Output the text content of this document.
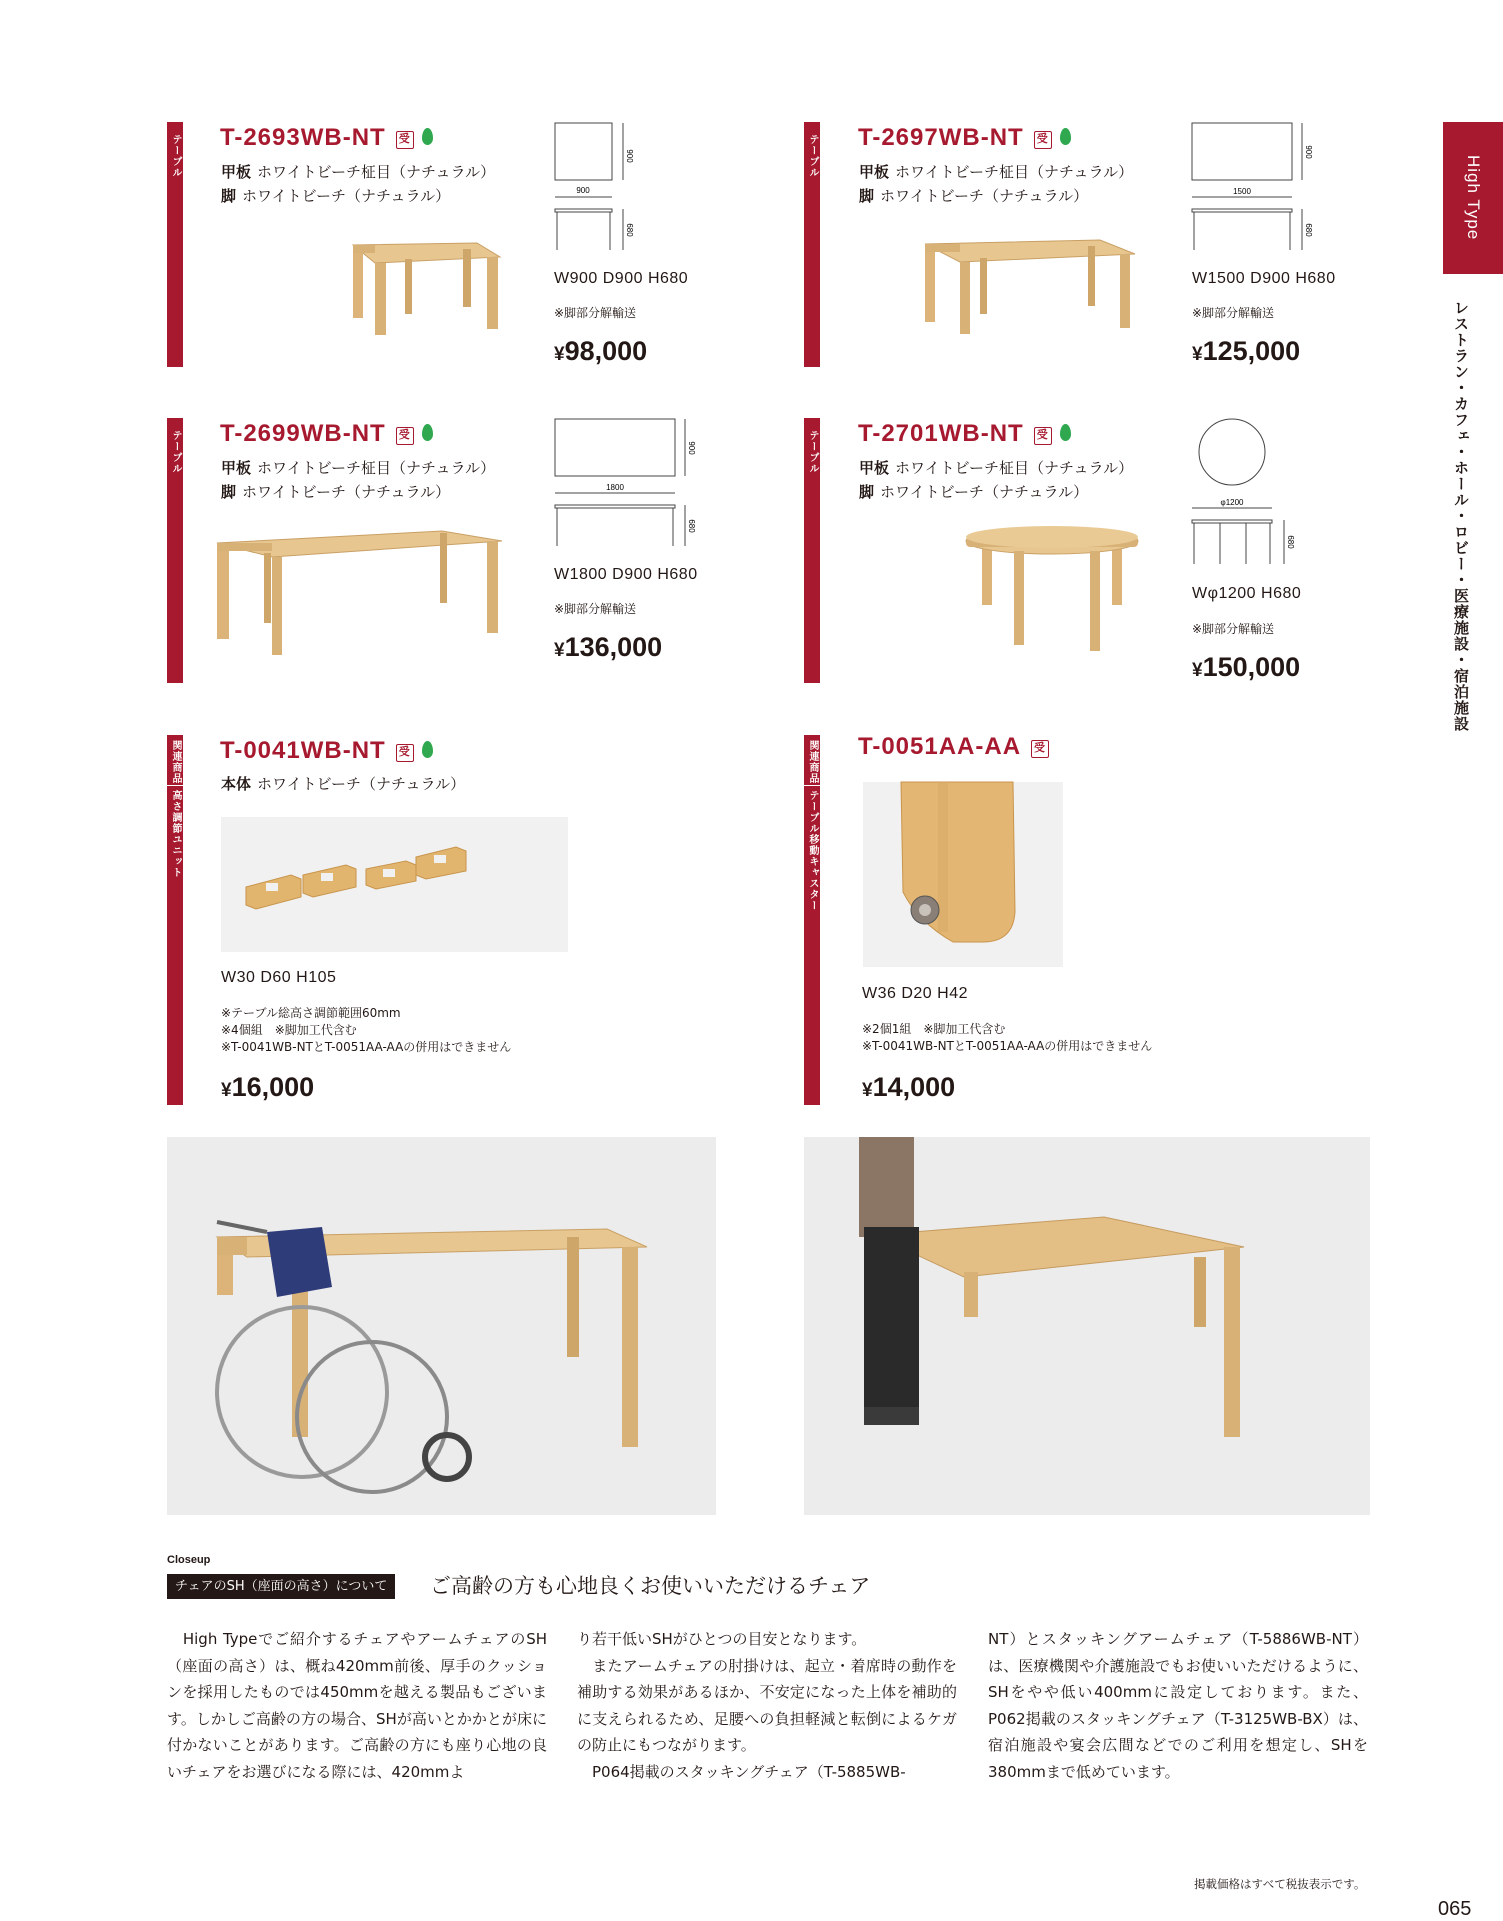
High Type
レストラン・カフェ・ホール・ロビー・医療施設・宿泊施設
テーブル T-2693WB-NT 受
甲板 ホワイトビーチ柾目（ナチュラル）
脚 ホワイトビーチ（ナチュラル）
900
900
680
W900 D900 H680
※脚部分解輸送
¥98,000
テーブル T-2697WB-NT 受
甲板 ホワイトビーチ柾目（ナチュラル）
脚 ホワイトビーチ（ナチュラル）
900
1500
680
W1500 D900 H680
※脚部分解輸送
¥125,000
テーブル T-2699WB-NT 受
甲板 ホワイトビーチ柾目（ナチュラル）
脚 ホワイトビーチ（ナチュラル）
900
1800
680
W1800 D900 H680
※脚部分解輸送
¥136,000
テーブル T-2701WB-NT 受
甲板 ホワイトビーチ柾目（ナチュラル）
脚 ホワイトビーチ（ナチュラル）
φ1200
680
Wφ1200 H680
※脚部分解輸送
¥150,000
関連商品
高さ調節ユニット
T-0041WB-NT 受
本体 ホワイトビーチ（ナチュラル）
W30 D60 H105
※テーブル総高さ調節範囲60mm
※4個組　※脚加工代含む
※T-0041WB-NTとT-0051AA-AAの併用はできません
¥16,000
関連商品
テーブル移動キャスター
T-0051AA-AA 受
W36 D20 H42
※2個1組　※脚加工代含む
※T-0041WB-NTとT-0051AA-AAの併用はできません
¥14,000
Closeup
チェアのSH（座面の高さ）について	ご高齢の方も心地良くお使いいただけるチェア
　High Typeでご紹介するチェアやアームチェアのSH（座面の高さ）は、概ね420mm前後、厚手のクッションを採用したものでは450mmを越える製品もございます。しかしご高齢の方の場合、SHが高いとかかとが床に付かないことがあります。ご高齢の方にも座り心地の良いチェアをお選びになる際には、420mmよ
り若干低いSHがひとつの目安となります。
　またアームチェアの肘掛けは、起立・着席時の動作を補助する効果があるほか、不安定になった上体を補助的に支えられるため、足腰への負担軽減と転倒によるケガの防止にもつながります。
　P064掲載のスタッキングチェア（T-5885WB-
NT）とスタッキングアームチェア（T-5886WB-NT）は、医療機関や介護施設でもお使いいただけるように、SHをやや低い400mmに設定しております。また、P062掲載のスタッキングチェア（T-3125WB-BX）は、宿泊施設や宴会広間などでのご利用を想定し、SHを380mmまで低めています。
掲載価格はすべて税抜表示です。
065
